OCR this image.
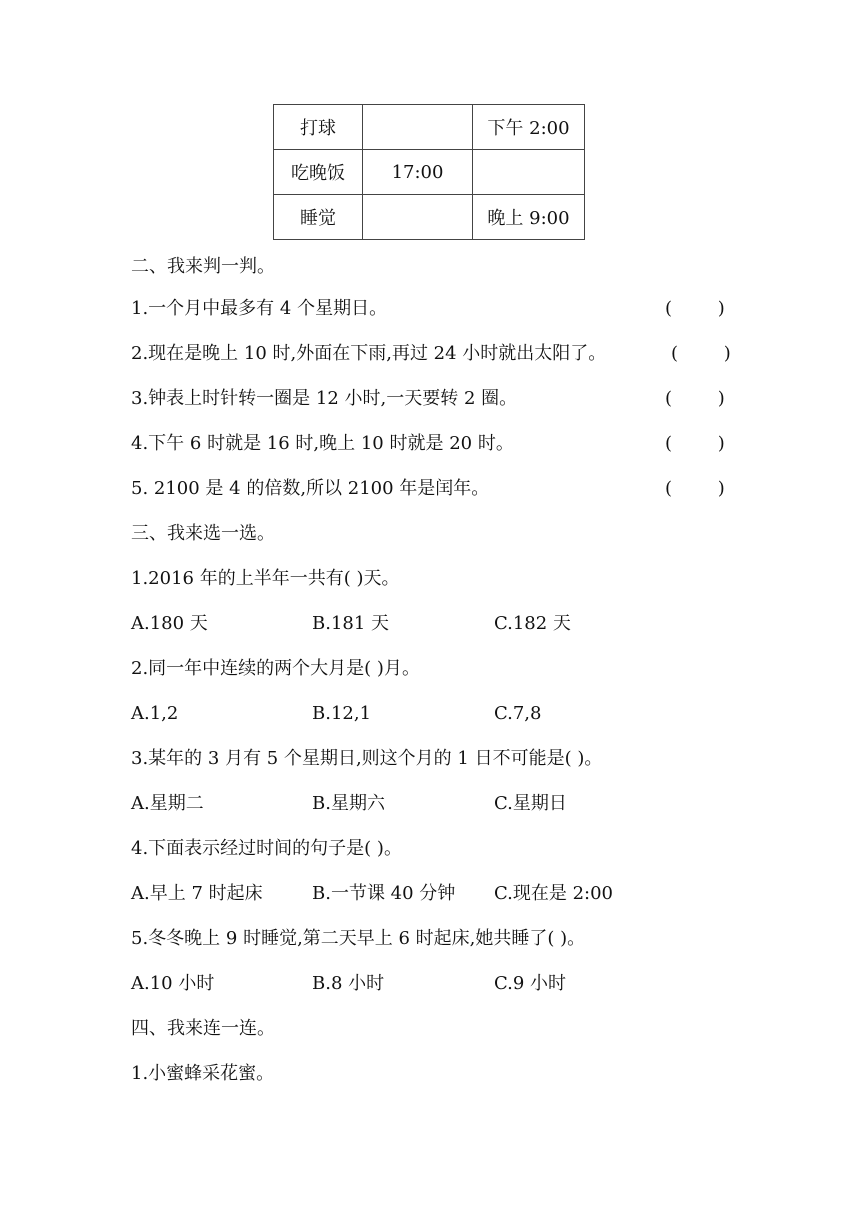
打球		下午 2:00
吃晚饭	17:00	
睡觉		晚上 9:00
二、我来判一判。
1.一个月中最多有 4 个星期日。	(        )
2.现在是晚上 10 时,外面在下雨,再过 24 小时就出太阳了。	(        )
3.钟表上时针转一圈是 12 小时,一天要转 2 圈。	(        )
4.下午 6 时就是 16 时,晚上 10 时就是 20 时。	(        )
5. 2100 是 4 的倍数,所以 2100 年是闰年。	(        )
三、我来选一选。
1.2016 年的上半年一共有( )天。
A.180 天	B.181 天	C.182 天
2.同一年中连续的两个大月是( )月。
A.1,2	B.12,1	C.7,8
3.某年的 3 月有 5 个星期日,则这个月的 1 日不可能是( )。
A.星期二	B.星期六	C.星期日
4.下面表示经过时间的句子是( )。
A.早上 7 时起床	B.一节课 40 分钟 C.现在是 2:00
5.冬冬晚上 9 时睡觉,第二天早上 6 时起床,她共睡了( )。
A.10 小时	B.8 小时	C.9 小时
四、我来连一连。
1.小蜜蜂采花蜜。
